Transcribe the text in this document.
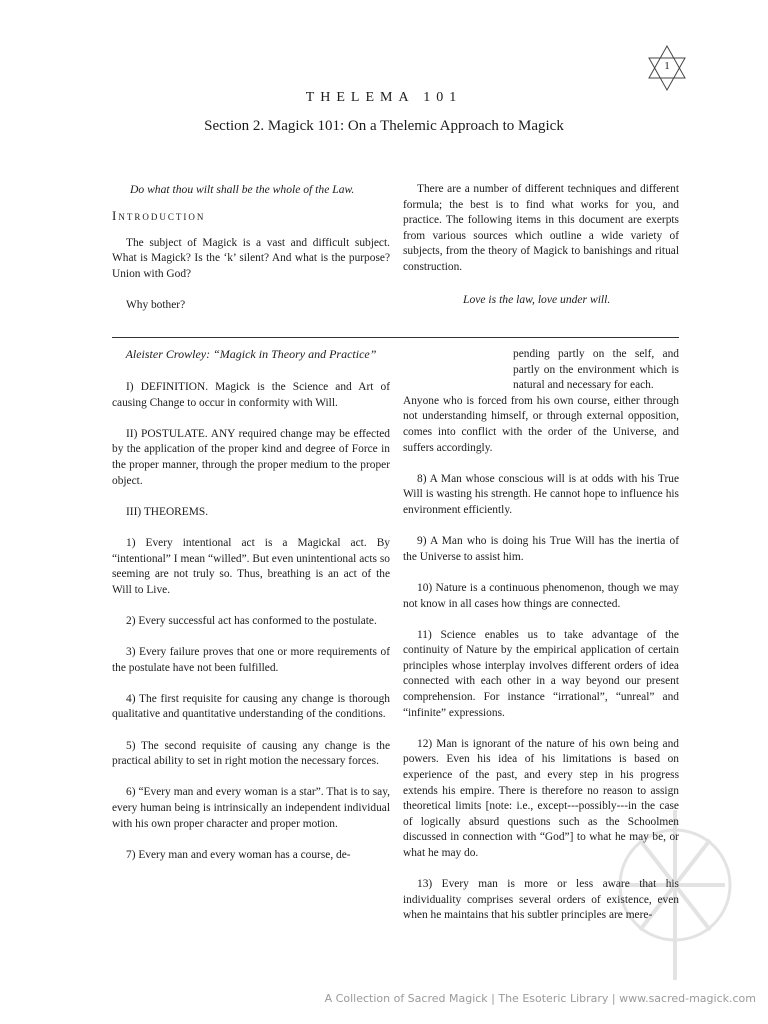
1
THELEMA 101
Section 2. Magick 101: On a Thelemic Approach to Magick

Do what thou wilt shall be the whole of the Law.

Introduction

The subject of Magick is a vast and difficult subject. What is Magick? Is the ‘k’ silent? And what is the purpose? Union with God?

Why bother?

There are a number of different techniques and different formula; the best is to find what works for you, and practice. The following items in this document are exerpts from various sources which outline a wide variety of subjects, from the theory of Magick to banishings and ritual construction.

Love is the law, love under will.

Aleister Crowley: “Magick in Theory and Practice”

I) DEFINITION. Magick is the Science and Art of causing Change to occur in conformity with Will.

II) POSTULATE. ANY required change may be effected by the application of the proper kind and degree of Force in the proper manner, through the proper medium to the proper object.

III) THEOREMS.

1) Every intentional act is a Magickal act. By “intentional” I mean “willed”. But even unintentional acts so seeming are not truly so. Thus, breathing is an act of the Will to Live.

2) Every successful act has conformed to the postulate.

3) Every failure proves that one or more requirements of the postulate have not been fulfilled.

4) The first requisite for causing any change is thorough qualitative and quantitative understanding of the conditions.

5) The second requisite of causing any change is the practical ability to set in right motion the necessary forces.

6) “Every man and every woman is a star”. That is to say, every human being is intrinsically an independent individual with his own proper character and proper motion.

7) Every man and every woman has a course, de-

pending partly on the self, and partly on the environment which is natural and necessary for each.

Anyone who is forced from his own course, either through not understanding himself, or through external opposition, comes into conflict with the order of the Universe, and suffers accordingly.

8) A Man whose conscious will is at odds with his True Will is wasting his strength. He cannot hope to influence his environment efficiently.

9) A Man who is doing his True Will has the inertia of the Universe to assist him.

10) Nature is a continuous phenomenon, though we may not know in all cases how things are connected.

11) Science enables us to take advantage of the continuity of Nature by the empirical application of certain principles whose interplay involves different orders of idea connected with each other in a way beyond our present comprehension. For instance “irrational”, “unreal” and “infinite” expressions.

12) Man is ignorant of the nature of his own being and powers. Even his idea of his limitations is based on experience of the past, and every step in his progress extends his empire. There is therefore no reason to assign theoretical limits [note: i.e., except---possibly---in the case of logically absurd questions such as the Schoolmen discussed in connection with “God”] to what he may be, or what he may do.

13) Every man is more or less aware that his individuality comprises several orders of existence, even when he maintains that his subtler principles are mere-

A Collection of Sacred Magick | The Esoteric Library | www.sacred-magick.com
